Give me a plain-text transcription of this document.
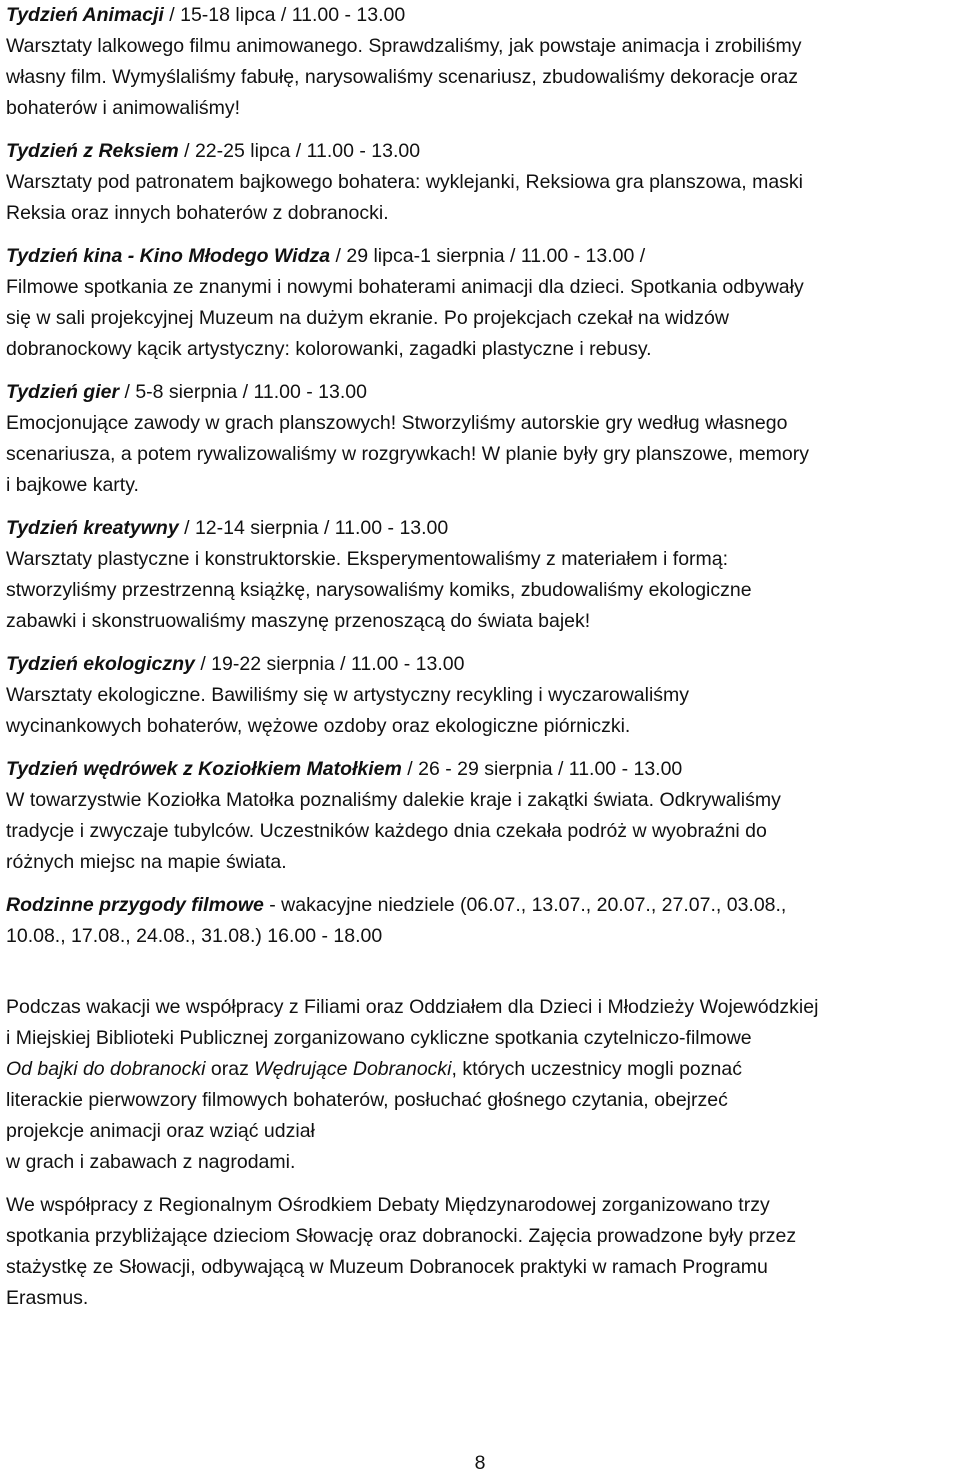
Tydzień Animacji / 15-18 lipca / 11.00 - 13.00

Warsztaty lalkowego filmu animowanego. Sprawdzaliśmy, jak powstaje animacja i zrobiliśmy

własny film. Wymyślaliśmy fabułę, narysowaliśmy scenariusz, zbudowaliśmy dekoracje oraz

bohaterów i animowaliśmy!

Tydzień z Reksiem / 22-25 lipca / 11.00 - 13.00

Warsztaty pod patronatem bajkowego bohatera: wyklejanki, Reksiowa gra planszowa, maski

Reksia oraz innych bohaterów z dobranocki.

Tydzień kina - Kino Młodego Widza / 29 lipca-1 sierpnia / 11.00 - 13.00 /

Filmowe spotkania ze znanymi i nowymi bohaterami animacji dla dzieci. Spotkania odbywały

się w sali projekcyjnej Muzeum na dużym ekranie. Po projekcjach czekał na widzów

dobranockowy kącik artystyczny: kolorowanki, zagadki plastyczne i rebusy.

Tydzień gier / 5-8 sierpnia / 11.00 - 13.00

Emocjonujące zawody w grach planszowych! Stworzyliśmy autorskie gry według własnego

scenariusza, a potem rywalizowaliśmy w rozgrywkach! W planie były gry planszowe, memory

i bajkowe karty.

Tydzień kreatywny / 12-14 sierpnia / 11.00 - 13.00

Warsztaty plastyczne i konstruktorskie. Eksperymentowaliśmy z materiałem i formą:

stworzyliśmy przestrzenną książkę, narysowaliśmy komiks, zbudowaliśmy ekologiczne

zabawki i skonstruowaliśmy maszynę przenoszącą do świata bajek!

Tydzień ekologiczny / 19-22 sierpnia / 11.00 - 13.00

Warsztaty ekologiczne. Bawiliśmy się w artystyczny recykling i wyczarowaliśmy

wycinankowych bohaterów, wężowe ozdoby oraz ekologiczne piórniczki.

Tydzień wędrówek z Koziołkiem Matołkiem / 26 - 29 sierpnia / 11.00 - 13.00

W towarzystwie Koziołka Matołka poznaliśmy dalekie kraje i zakątki świata. Odkrywaliśmy

tradycje i zwyczaje tubylców. Uczestników każdego dnia czekała podróż w wyobraźni do

różnych miejsc na mapie świata.

Rodzinne przygody filmowe - wakacyjne niedziele (06.07., 13.07., 20.07., 27.07., 03.08.,

10.08., 17.08., 24.08., 31.08.) 16.00 - 18.00

Podczas wakacji we współpracy z Filiami oraz Oddziałem dla Dzieci i Młodzieży Wojewódzkiej

i Miejskiej Biblioteki Publicznej zorganizowano cykliczne spotkania czytelniczo-filmowe

Od bajki do dobranocki oraz Wędrujące Dobranocki, których uczestnicy mogli poznać

literackie pierwowzory filmowych bohaterów, posłuchać głośnego czytania, obejrzeć

projekcje animacji oraz wziąć udział

w grach i zabawach z nagrodami.

We współpracy z Regionalnym Ośrodkiem Debaty Międzynarodowej zorganizowano trzy

spotkania przybliżające dzieciom Słowację oraz dobranocki. Zajęcia prowadzone były przez

stażystkę ze Słowacji, odbywającą w Muzeum Dobranocek praktyki w ramach Programu

Erasmus.

8
